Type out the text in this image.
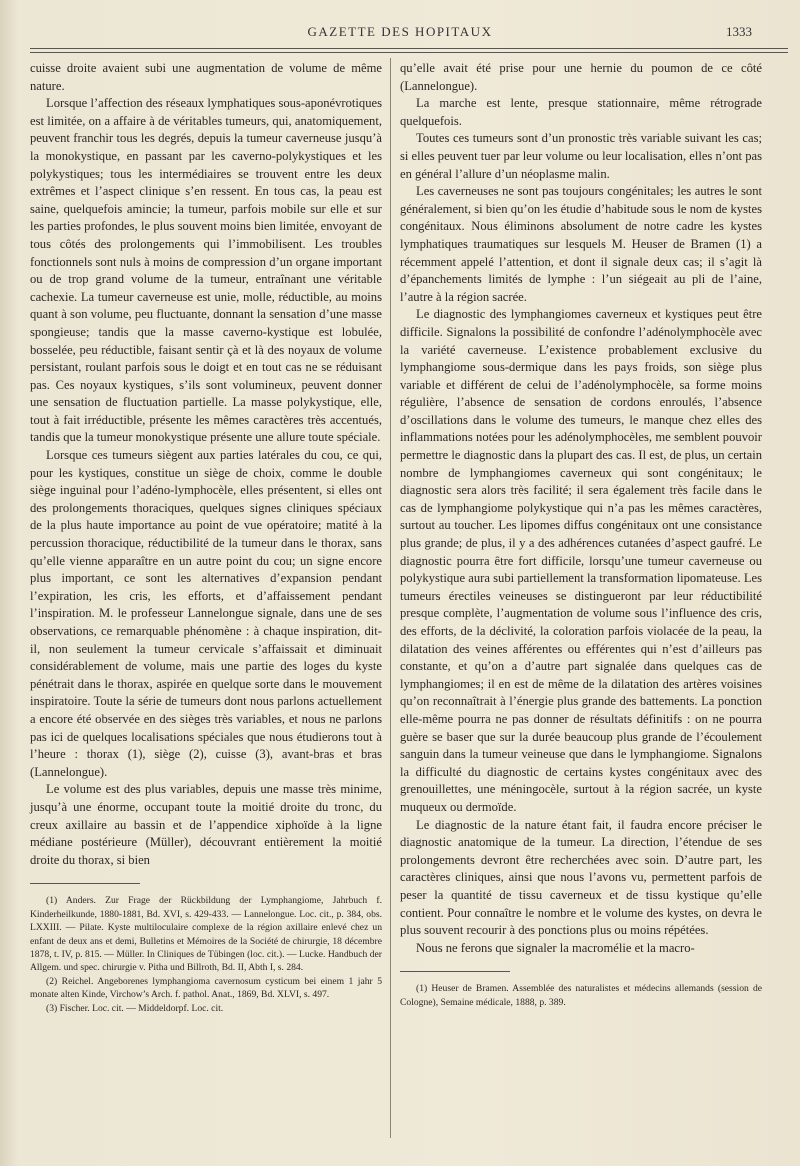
GAZETTE DES HOPITAUX	1333

cuisse droite avaient subi une augmentation de volume de même nature.

Lorsque l’affection des réseaux lymphatiques sous-aponévrotiques est limitée, on a affaire à de véritables tumeurs, qui, anatomiquement, peuvent franchir tous les degrés, depuis la tumeur caverneuse jusqu’à la monokystique, en passant par les caverno-polykystiques et les polykystiques; tous les intermédiaires se trouvent entre les deux extrêmes et l’aspect clinique s’en ressent. En tous cas, la peau est saine, quelquefois amincie; la tumeur, parfois mobile sur elle et sur les parties profondes, le plus souvent moins bien limitée, envoyant de tous côtés des prolongements qui l’immobilisent. Les troubles fonctionnels sont nuls à moins de compression d’un organe important ou de trop grand volume de la tumeur, entraînant une véritable cachexie. La tumeur caverneuse est unie, molle, réductible, au moins quant à son volume, peu fluctuante, donnant la sensation d’une masse spongieuse; tandis que la masse caverno-kystique est lobulée, bosselée, peu réductible, faisant sentir çà et là des noyaux de volume persistant, roulant parfois sous le doigt et en tout cas ne se réduisant pas. Ces noyaux kystiques, s’ils sont volumineux, peuvent donner une sensation de fluctuation partielle. La masse polykystique, elle, tout à fait irréductible, présente les mêmes caractères très accentués, tandis que la tumeur monokystique présente une allure toute spéciale.

Lorsque ces tumeurs siègent aux parties latérales du cou, ce qui, pour les kystiques, constitue un siège de choix, comme le double siège inguinal pour l’adéno-lymphocèle, elles présentent, si elles ont des prolongements thoraciques, quelques signes cliniques spéciaux de la plus haute importance au point de vue opératoire; matité à la percussion thoracique, réductibilité de la tumeur dans le thorax, sans qu’elle vienne apparaître en un autre point du cou; un signe encore plus important, ce sont les alternatives d’expansion pendant l’expiration, les cris, les efforts, et d’affaissement pendant l’inspiration. M. le professeur Lannelongue signale, dans une de ses observations, ce remarquable phénomène : à chaque inspiration, dit-il, non seulement la tumeur cervicale s’affaissait et diminuait considérablement de volume, mais une partie des loges du kyste pénétrait dans le thorax, aspirée en quelque sorte dans le mouvement inspiratoire. Toute la série de tumeurs dont nous parlons actuellement a encore été observée en des sièges très variables, et nous ne parlons pas ici de quelques localisations spéciales que nous étudierons tout à l’heure : thorax (1), siège (2), cuisse (3), avant-bras et bras (Lannelongue).

Le volume est des plus variables, depuis une masse très minime, jusqu’à une énorme, occupant toute la moitié droite du tronc, du creux axillaire au bassin et de l’appendice xiphoïde à la ligne médiane postérieure (Müller), découvrant entièrement la moitié droite du thorax, si bien

(1) Anders. Zur Frage der Rückbildung der Lymphangiome, Jahrbuch f. Kinderheilkunde, 1880-1881, Bd. XVI, s. 429-433. — Lannelongue. Loc. cit., p. 384, obs. LXXIII. — Pilate. Kyste multiloculaire complexe de la région axillaire enlevé chez un enfant de deux ans et demi, Bulletins et Mémoires de la Société de chirurgie, 18 décembre 1878, t. IV, p. 815. — Müller. In Cliniques de Tübingen (loc. cit.). — Lucke. Handbuch der Allgem. und spec. chirurgie v. Pitha und Billroth, Bd. II, Abth I, s. 284.

(2) Reichel. Angeborenes lymphangioma cavernosum cysticum bei einem 1 jahr 5 monate alten Kinde, Virchow’s Arch. f. pathol. Anat., 1869, Bd. XLVI, s. 497.

(3) Fischer. Loc. cit. — Middeldorpf. Loc. cit.

qu’elle avait été prise pour une hernie du poumon de ce côté (Lannelongue).

La marche est lente, presque stationnaire, même rétrograde quelquefois.

Toutes ces tumeurs sont d’un pronostic très variable suivant les cas; si elles peuvent tuer par leur volume ou leur localisation, elles n’ont pas en général l’allure d’un néoplasme malin.

Les caverneuses ne sont pas toujours congénitales; les autres le sont généralement, si bien qu’on les étudie d’habitude sous le nom de kystes congénitaux. Nous éliminons absolument de notre cadre les kystes lymphatiques traumatiques sur lesquels M. Heuser de Bramen (1) a récemment appelé l’attention, et dont il signale deux cas; il s’agit là d’épanchements limités de lymphe : l’un siégeait au pli de l’aine, l’autre à la région sacrée.

Le diagnostic des lymphangiomes caverneux et kystiques peut être difficile. Signalons la possibilité de confondre l’adénolymphocèle avec la variété caverneuse. L’existence probablement exclusive du lymphangiome sous-dermique dans les pays froids, son siège plus variable et différent de celui de l’adénolymphocèle, sa forme moins régulière, l’absence de sensation de cordons enroulés, l’absence d’oscillations dans le volume des tumeurs, le manque chez elles des inflammations notées pour les adénolymphocèles, me semblent pouvoir permettre le diagnostic dans la plupart des cas. Il est, de plus, un certain nombre de lymphangiomes caverneux qui sont congénitaux; le diagnostic sera alors très facilité; il sera également très facile dans le cas de lymphangiome polykystique qui n’a pas les mêmes caractères, surtout au toucher. Les lipomes diffus congénitaux ont une consistance plus grande; de plus, il y a des adhérences cutanées d’aspect gaufré. Le diagnostic pourra être fort difficile, lorsqu’une tumeur caverneuse ou polykystique aura subi partiellement la transformation lipomateuse. Les tumeurs érectiles veineuses se distingueront par leur réductibilité presque complète, l’augmentation de volume sous l’influence des cris, des efforts, de la déclivité, la coloration parfois violacée de la peau, la dilatation des veines afférentes ou efférentes qui n’est d’ailleurs pas constante, et qu’on a d’autre part signalée dans quelques cas de lymphangiomes; il en est de même de la dilatation des artères voisines qu’on reconnaîtrait à l’énergie plus grande des battements. La ponction elle-même pourra ne pas donner de résultats définitifs : on ne pourra guère se baser que sur la durée beaucoup plus grande de l’écoulement sanguin dans la tumeur veineuse que dans le lymphangiome. Signalons la difficulté du diagnostic de certains kystes congénitaux avec des grenouillettes, une méningocèle, surtout à la région sacrée, un kyste muqueux ou dermoïde.

Le diagnostic de la nature étant fait, il faudra encore préciser le diagnostic anatomique de la tumeur. La direction, l’étendue de ses prolongements devront être recherchées avec soin. D’autre part, les caractères cliniques, ainsi que nous l’avons vu, permettent parfois de peser la quantité de tissu caverneux et de tissu kystique qu’elle contient. Pour connaître le nombre et le volume des kystes, on devra le plus souvent recourir à des ponctions plus ou moins répétées.

Nous ne ferons que signaler la macromélie et la macro-

(1) Heuser de Bramen. Assemblée des naturalistes et médecins allemands (session de Cologne), Semaine médicale, 1888, p. 389.
